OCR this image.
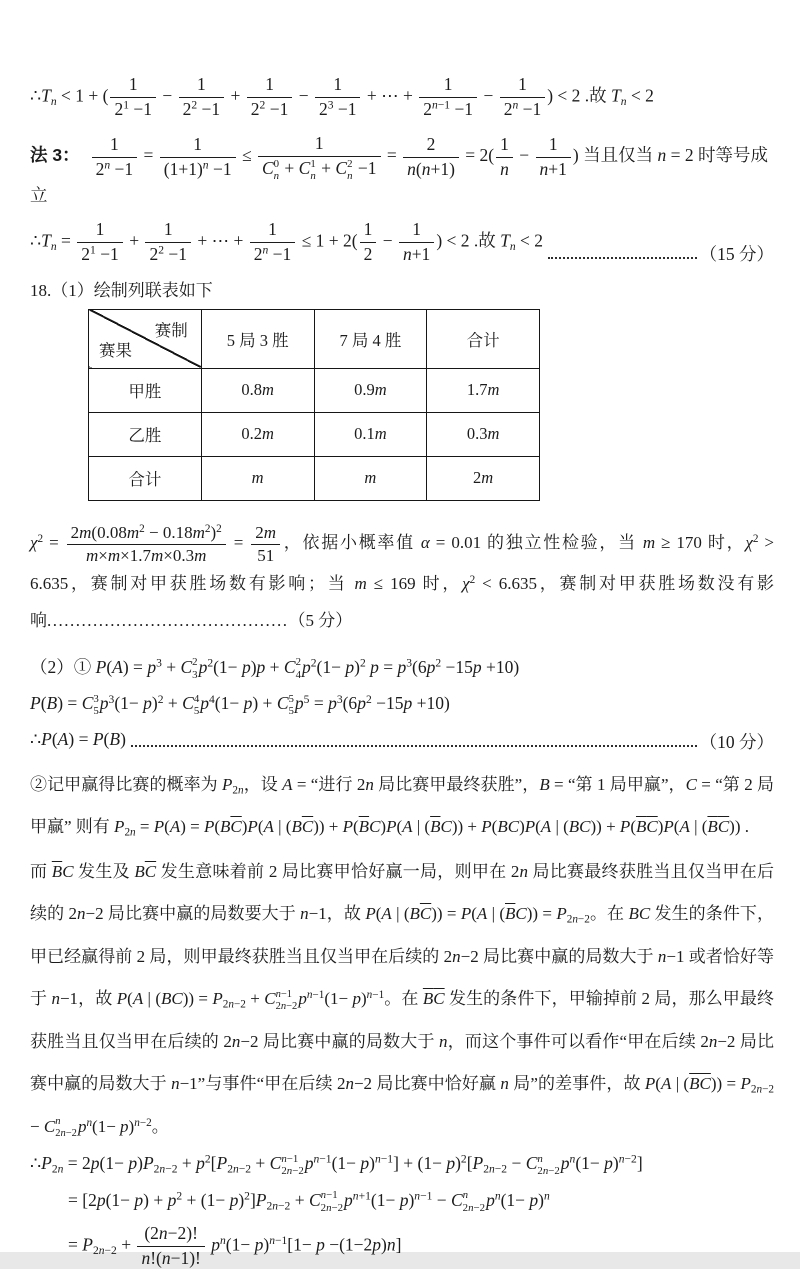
$\therefore T_n < 1$ + ( $\frac{1}{2^1 -1} - \frac{1}{2^2 -1} + \frac{1}{2^2 -1} - \frac{1}{2^3 -1}$ + ⋯ + $\frac{1}{2^{n-1} -1} - \frac{1}{2^n -1}$ ) < 2 .故 $T_n < 2$
法 3： $\frac{1}{2^n -1} = \frac{1}{(1+1)^n -1} \le 1$
C 0
n + C 1
n + C 2
$n -1 = \frac{2}{n(n+1)} = 2( \frac{1}{n} - \frac{1}{n+1}$ ) 当且仅当 n = 2 时等号成立
$\therefore T_n = \frac{1}{2^1 -1} + \frac{1}{2^2 -1}$ + ⋯ + $\frac{1}{2^n -1} \le 1 + 2( \frac{1}{2} - \frac{1}{n+1}$ ) < 2 .故 $T_n < 2$
（15 分）
18.（1）绘制列联表如下
赛制
赛果	5 局 3 胜	7 局 4 胜	合计
甲胜	0.8m	0.9m	1.7m
乙胜	0.2m	0.1m	0.3m
合计	m	m	2m
$\chi^2 = \frac{2m(0.08m^2 - 0.18m^2)^2}{m\times m\times 1.7m\times 0.3m} = \frac{2m}{51}$ ，依据小概率值 α = 0.01 的独立性检验，当 m ≥ 170 时，$\chi^2 > 6.635$，赛制对甲获胜场数有影响；当 m ≤ 169 时，$\chi^2 < 6.635$，赛制对甲获胜场数没有影响..........................................（5 分）
（2）① $P(A) = p^3 + C$ 2
3 $p^2(1- p)p + C$ 2
4 $p^2(1- p)^2$ $p = p^3(6p^2 -15p +10)$
P(B) = C 3
5 $p^3(1- p)^2 + C$ 4
5 $p^4(1- p) + C$ 5
5 $p^5 = p^3(6p^2 -15p +10)$
∴P(A) = P(B)	（10 分）
②记甲赢得比赛的概率为 $P_{2n}$，设 A = “进行 2n 局比赛甲最终获胜”，B = “第 1 局甲赢”，C = “第 2 局甲赢” 则有 $P_{2n} = P(A) = P(B\overline{C})P(A$ | $(B\overline{C})) + P(\overline{B}C)P(A$ | $(\overline{B}C)) + P(BC)P(A$ | $(BC)) + P(\overline{B}\overline{C})P(A$ | $(\overline{B}\overline{C})$) .
而 $\overline{B}C$ 发生及 $B\overline{C}$ 发生意味着前 2 局比赛甲恰好赢一局，则甲在 2n 局比赛最终获胜当且仅当甲在后续的 2n−2 局比赛中赢的局数要大于 n−1，故 P(A | $(B\overline{C})) = P(A$ | $(\overline{B}C)) = P_{2n-2}$。在 BC 发生的条件下，甲已经赢得前 2 局，则甲最终获胜当且仅当甲在后续的 2n−2 局比赛中赢的局数大于 n−1 或者恰好等于 n−1，故 P(A | $(BC)) = P_{2n-2} + C$ n−1
2n−2 $p^{n-1}(1- p)^{n-1}$。在 $\overline{B}\overline{C}$ 发生的条件下，甲输掉前 2 局，那么甲最终获胜当且仅当甲在后续的 2n−2 局比赛中赢的局数大于 n，而这个事件可以看作“甲在后续 2n−2 局比赛中赢的局数大于 n−1”与事件“甲在后续 2n−2 局比赛中恰好赢 n 局”的差事件，故 P(A | $(\overline{B}\overline{C})) = P_{2n-2} - C$ n
2n−2 $p^n(1- p)^{n-2}$。
$\therefore P_{2n} = 2p(1- p)P_{2n-2} + p^2[P_{2n-2} + C$ n−1
2n−2 $p^{n-1}(1- p)^{n-1}] + (1- p)^2[P_{2n-2} - C$ n
2n−2 $p^n(1- p)^{n-2}$]
= $[2p(1- p) + p^2 + (1- p)^2]P_{2n-2} + C$ n−1
2n−2 $p^{n+1}(1- p)^{n-1} - C$ n
2n−2 $p^n(1- p)^n$
= $P_{2n-2} + \frac{(2n-2)!}{n!(n-1)!} p^n(1- p)^{n-1}[1- p -(1-2p)n]$
